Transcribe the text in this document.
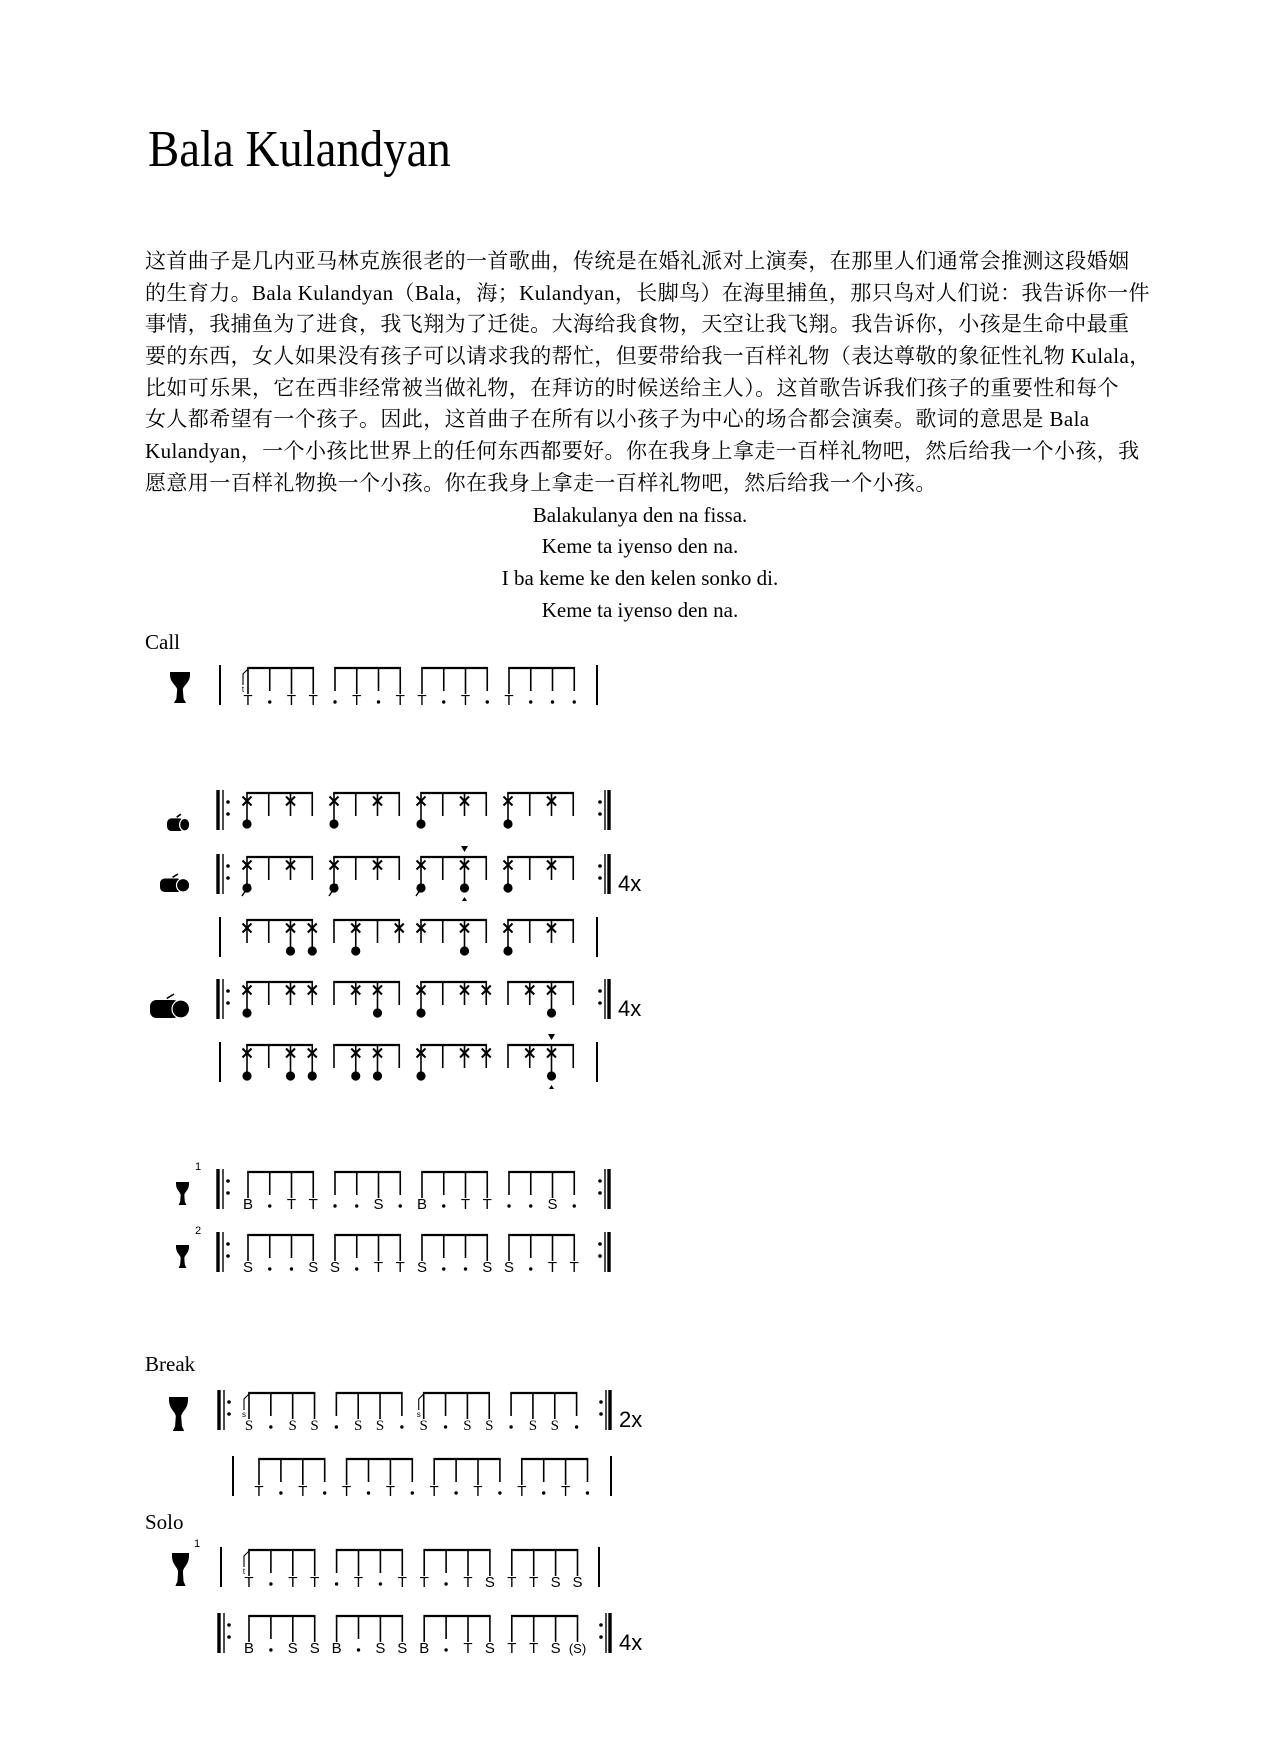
Bala Kulandyan
这首曲子是几内亚马林克族很老的一首歌曲，传统是在婚礼派对上演奏，在那里人们通常会推测这段婚姻
的生育力。Bala Kulandyan（Bala，海；Kulandyan，长脚鸟）在海里捕鱼，那只鸟对人们说：我告诉你一件
事情，我捕鱼为了进食，我飞翔为了迁徙。大海给我食物，天空让我飞翔。我告诉你，小孩是生命中最重
要的东西，女人如果没有孩子可以请求我的帮忙，但要带给我一百样礼物（表达尊敬的象征性礼物 Kulala，
比如可乐果，它在西非经常被当做礼物，在拜访的时候送给主人）。这首歌告诉我们孩子的重要性和每个
女人都希望有一个孩子。因此，这首曲子在所有以小孩子为中心的场合都会演奏。歌词的意思是 Bala
Kulandyan，一个小孩比世界上的任何东西都要好。你在我身上拿走一百样礼物吧，然后给我一个小孩，我
愿意用一百样礼物换一个小孩。你在我身上拿走一百样礼物吧，然后给我一个小孩。
Balakulanya den na fissa.
Keme ta iyenso den na.
I ba keme ke den kelen sonko di.
Keme ta iyenso den na.
Call
T T T T T T T T
t
4x
4x
1
B T T	S B T T	S
2
S	S S T T S	S S T T
Break
S S S S S S S S S S
s	s	2x
T T T T T T T T
Solo
1
T T T T T T T S T T S S
t
B S S B S S B T S T T S (S) 4x
